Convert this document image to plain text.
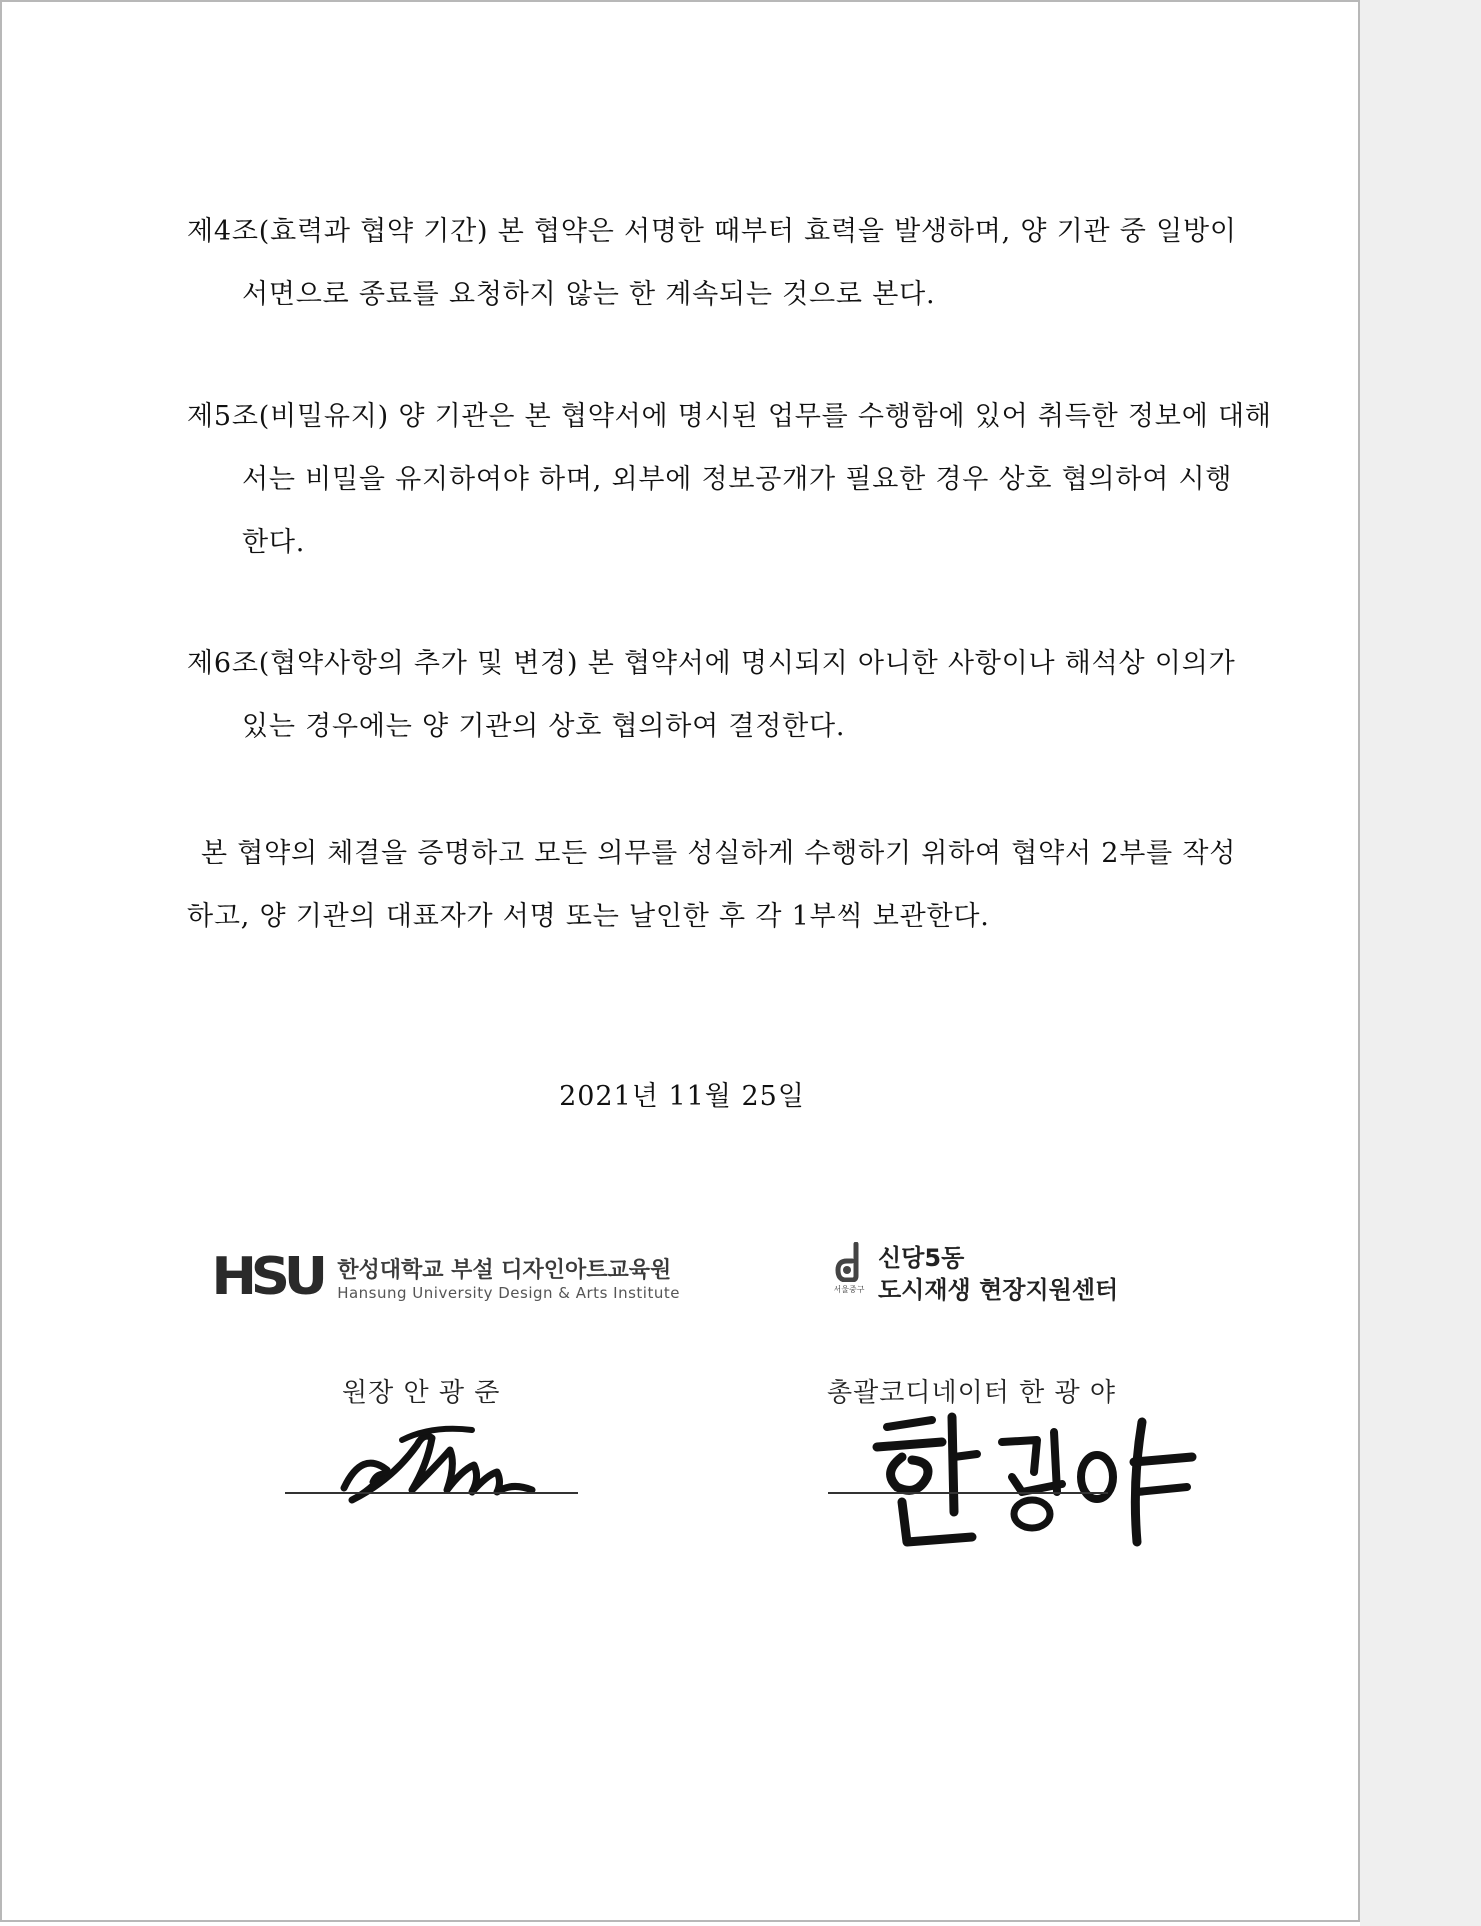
제4조(효력과 협약 기간) 본 협약은 서명한 때부터 효력을 발생하며, 양 기관 중 일방이
서면으로 종료를 요청하지 않는 한 계속되는 것으로 본다.
제5조(비밀유지) 양 기관은 본 협약서에 명시된 업무를 수행함에 있어 취득한 정보에 대해
서는 비밀을 유지하여야 하며, 외부에 정보공개가 필요한 경우 상호 협의하여 시행
한다.
제6조(협약사항의 추가 및 변경) 본 협약서에 명시되지 아니한 사항이나 해석상 이의가
있는 경우에는 양 기관의 상호 협의하여 결정한다.
본 협약의 체결을 증명하고 모든 의무를 성실하게 수행하기 위하여 협약서 2부를 작성
하고, 양 기관의 대표자가 서명 또는 날인한 후 각 1부씩 보관한다.
2021년 11월 25일
HSU 한성대학교 부설 디자인아트교육원
Hansung University Design & Arts Institute	서울중구
신당5동
도시재생 현장지원센터
원장 안 광 준	총괄코디네이터 한 광 야
